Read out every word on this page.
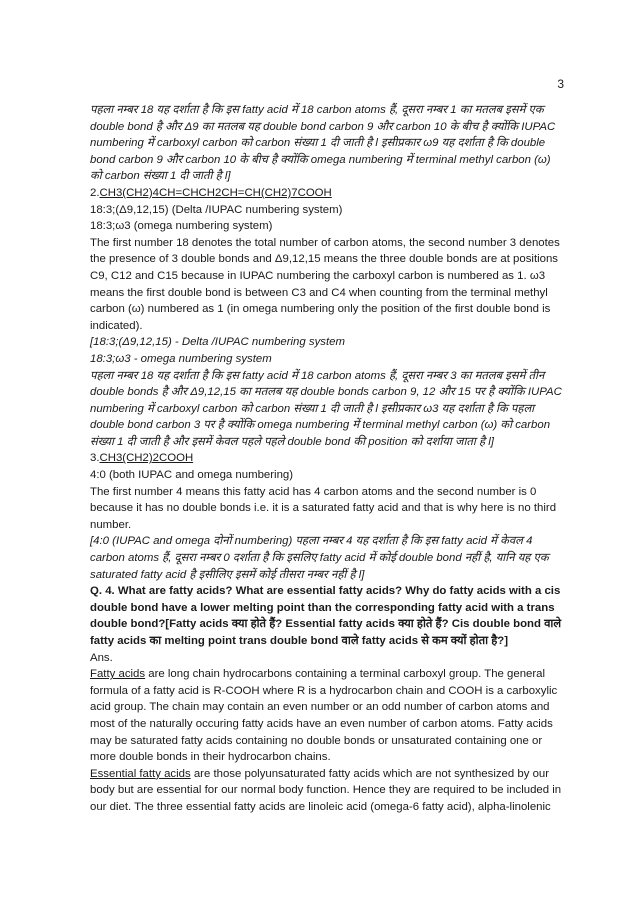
3

पहला नम्बर 18 यह दर्शाता है कि इस fatty acid में 18 carbon atoms हैं, दूसरा नम्बर 1 का मतलब इसमें एक double bond है और Δ9 का मतलब यह double bond carbon 9 और carbon 10 के बीच है क्योंकि IUPAC numbering में carboxyl carbon को carbon संख्या 1 दी जाती है l इसीप्रकार ω9 यह दर्शाता है कि double bond carbon 9 और carbon 10 के बीच है क्योंकि omega numbering में terminal methyl carbon (ω) को carbon संख्या 1 दी जाती है l]

2.CH3(CH2)4CH=CHCH2CH=CH(CH2)7COOH

18:3;(Δ9,12,15) (Delta /IUPAC numbering system)

18:3;ω3 (omega numbering system)

The first number 18 denotes the total number of carbon atoms, the second number 3 denotes the presence of 3 double bonds and Δ9,12,15 means the three double bonds are at positions C9, C12 and C15 because in IUPAC numbering the carboxyl carbon is numbered as 1. ω3 means the first double bond is between C3 and C4 when counting from the terminal methyl carbon (ω) numbered as 1 (in omega numbering only the position of the first double bond is indicated).

[18:3;(Δ9,12,15) - Delta /IUPAC numbering system

18:3;ω3 - omega numbering system

पहला नम्बर 18 यह दर्शाता है कि इस fatty acid में 18 carbon atoms हैं, दूसरा नम्बर 3 का मतलब इसमें तीन double bonds है और Δ9,12,15 का मतलब यह double bonds carbon 9, 12 और 15 पर है क्योंकि IUPAC numbering में carboxyl carbon को carbon संख्या 1 दी जाती है l इसीप्रकार ω3 यह दर्शाता है कि पहला double bond carbon 3 पर है क्योंकि omega numbering में terminal methyl carbon (ω) को carbon संख्या 1 दी जाती है और इसमें केवल पहले पहले double bond की position को दर्शाया जाता है l]

3.CH3(CH2)2COOH

4:0 (both IUPAC and omega numbering)

The first number 4 means this fatty acid has 4 carbon atoms and the second number is 0 because it has no double bonds i.e. it is a saturated fatty acid and that is why here is no third number.

[4:0 (IUPAC and omega दोनों numbering) पहला नम्बर 4 यह दर्शाता है कि इस fatty acid में केवल 4 carbon atoms हैं, दूसरा नम्बर 0 दर्शाता है कि इसलिए fatty acid में कोई double bond नहीं है, यानि यह एक saturated fatty acid है इसीलिए इसमें कोई तीसरा नम्बर नहीं है l]

Q. 4. What are fatty acids? What are essential fatty acids? Why do fatty acids with a cis double bond have a lower melting point than the corresponding fatty acid with a trans double bond?[Fatty acids क्या होते हैं? Essential fatty acids क्या होते हैं? Cis double bond वाले fatty acids का melting point trans double bond वाले fatty acids से कम क्यों होता है?]

Ans.

Fatty acids are long chain hydrocarbons containing a terminal carboxyl group. The general formula of a fatty acid is R-COOH where R is a hydrocarbon chain and COOH is a carboxylic acid group. The chain may contain an even number or an odd number of carbon atoms and most of the naturally occuring fatty acids have an even number of carbon atoms. Fatty acids may be saturated fatty acids containing no double bonds or unsaturated containing one or more double bonds in their hydrocarbon chains.

Essential fatty acids are those polyunsaturated fatty acids which are not synthesized by our body but are essential for our normal body function. Hence they are required to be included in our diet. The three essential fatty acids are linoleic acid (omega-6 fatty acid), alpha-linolenic
